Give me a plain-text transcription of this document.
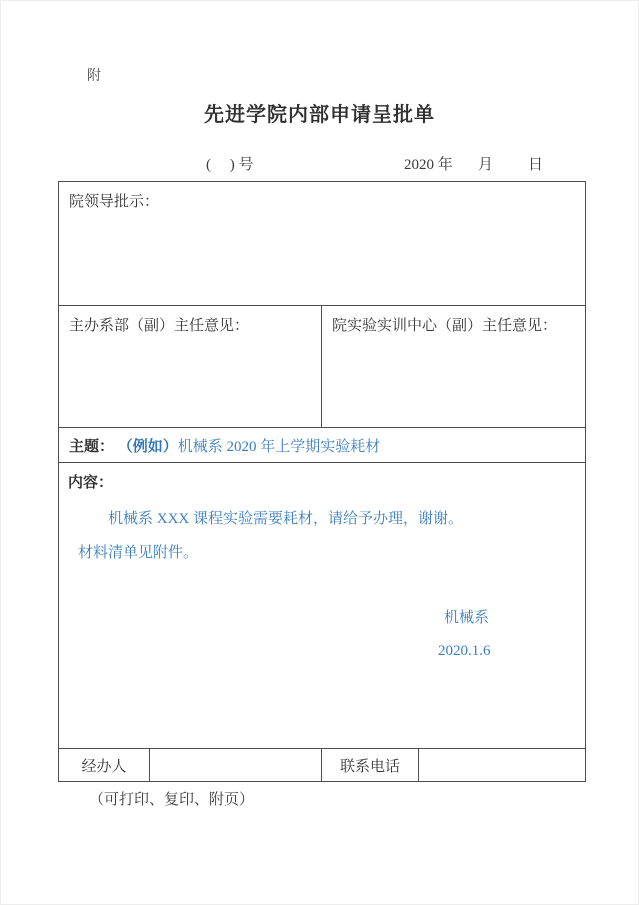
附
先进学院内部申请呈批单
(　 ) 号	2020 年 月 日
院领导批示：			

主办系部（副）主任意见：		院实验实训中心（副）主任意见：	

主题： （例如）机械系 2020 年上学期实验耗材			

内容：
机械系 XXX 课程实验需要耗材，请给予办理，谢谢。
材料清单见附件。
机械系
2020.1.6			

经办人		联系电话	
（可打印、复印、附页）
